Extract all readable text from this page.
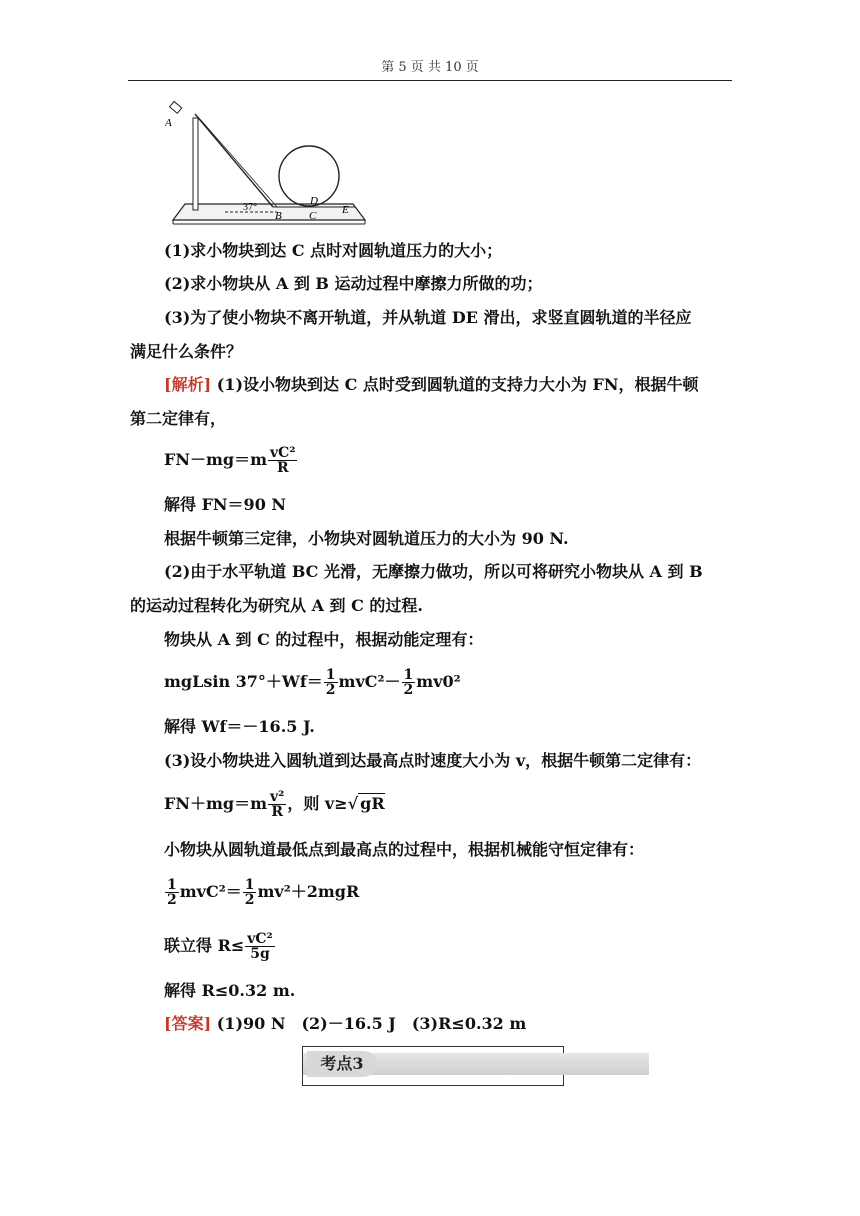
第 5 页 共 10 页
A
37°
B C
D
E
(1)求小物块到达 C 点时对圆轨道压力的大小；
(2)求小物块从 A 到 B 运动过程中摩擦力所做的功；
(3)为了使小物块不离开轨道，并从轨道 DE 滑出，求竖直圆轨道的半径应
满足什么条件？
[解析] (1)设小物块到达 C 点时受到圆轨道的支持力大小为 FN，根据牛顿
第二定律有，
$FN-mg=m \frac{\text{vC²}}{R}$
解得 FN＝90 N
根据牛顿第三定律，小物块对圆轨道压力的大小为 90 N.
(2)由于水平轨道 BC 光滑，无摩擦力做功，所以可将研究小物块从 A 到 B
的运动过程转化为研究从 A 到 C 的过程.
物块从 A 到 C 的过程中，根据动能定理有：
mgLsin $37^\circ+Wf= \frac{1}{2} mvC^2- \frac{1}{2} mv0^2$
解得 Wf＝－16.5 J.
(3)设小物块进入圆轨道到达最高点时速度大小为 v，根据牛顿第二定律有：
$FN+mg=m \frac{\text{v²}}{R}$ ，则 v≥√ gR
小物块从圆轨道最低点到最高点的过程中，根据机械能守恒定律有：
$\frac{1}{2} mvC^2= \frac{1}{2} mv^2+2mgR$
联立得 $R\le \frac{\text{vC²}}{5g}$
解得 R≤0.32 m.
[答案] (1)90 N　(2)－16.5 J　(3)R≤0.32 m
考点3
